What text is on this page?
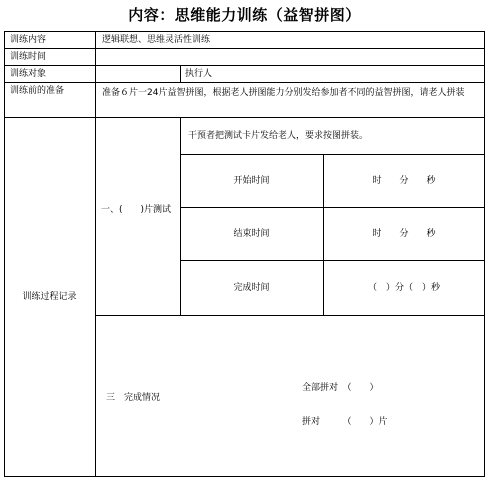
内容：思维能力训练（益智拼图）
训练内容	逻辑联想、思维灵活性训练
训练时间
训练对象	执行人
训练前的准备	准备６片一24片益智拼图，根据老人拼图能力分别发给参加者不同的益智拼图，请老人拼装
训练过程记录
一、(　　)片测试
干预者把测试卡片发给老人，要求按图拼装。
开始时间	时　　分　　秒
结束时间	时　　分　　秒
完成时间	（　）分（　）秒
三　完成情况
全部拼对　（　　）
拼对　　　（　　）片
